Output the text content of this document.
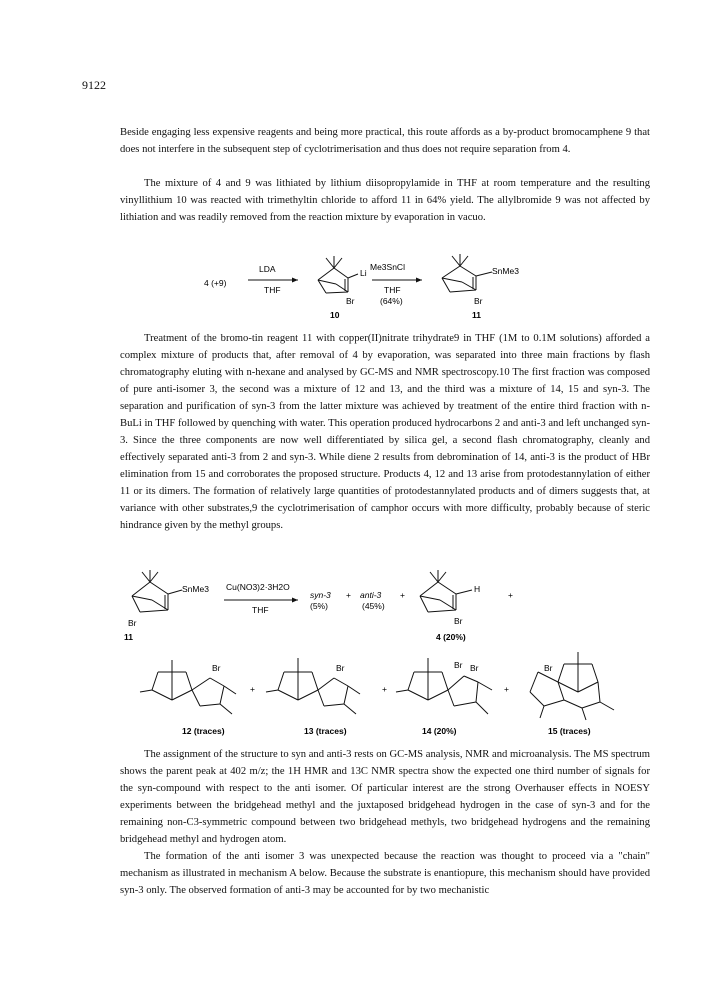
9122

Beside engaging less expensive reagents and being more practical, this route affords as a by-product bromocamphene 9 that does not interfere in the subsequent step of cyclotrimerisation and thus does not require separation from 4.

The mixture of 4 and 9 was lithiated by lithium diisopropylamide in THF at room temperature and the resulting vinyllithium 10 was reacted with trimethyltin chloride to afford 11 in 64% yield. The allylbromide 9 was not affected by lithiation and was readily removed from the reaction mixture by evaporation in vacuo.

4 (+9)
LDA
THF
Li
Br
10
Me3SnCl
THF
(64%)
SnMe3
Br
11

Treatment of the bromo-tin reagent 11 with copper(II)nitrate trihydrate9 in THF (1M to 0.1M solutions) afforded a complex mixture of products that, after removal of 4 by evaporation, was separated into three main fractions by flash chromatography eluting with n-hexane and analysed by GC-MS and NMR spectroscopy.10 The first fraction was composed of pure anti-isomer 3, the second was a mixture of 12 and 13, and the third was a mixture of 14, 15 and syn-3. The separation and purification of syn-3 from the latter mixture was achieved by treatment of the entire third fraction with n-BuLi in THF followed by quenching with water. This operation produced hydrocarbons 2 and anti-3 and left unchanged syn-3. Since the three components are now well differentiated by silica gel, a second flash chromatography, cleanly and effectively separated anti-3 from 2 and syn-3. While diene 2 results from debromination of 14, anti-3 is the product of HBr elimination from 15 and corroborates the proposed structure. Products 4, 12 and 13 arise from protodestannylation of either 11 or its dimers. The formation of relatively large quantities of protodestannylated products and of dimers suggests that, at variance with other substrates,9 the cyclotrimerisation of camphor occurs with more difficulty, probably because of steric hindrance given by the methyl groups.

SnMe3
Br
11
Cu(NO3)2·3H2O
THF
syn-3
(5%)
+ anti-3
(45%)
+
H
Br
4 (20%)
+
Br
+
Br
+
Br Br
+
Br
12 (traces)	13 (traces)	14 (20%)	15 (traces)

The assignment of the structure to syn and anti-3 rests on GC-MS analysis, NMR and microanalysis. The MS spectrum shows the parent peak at 402 m/z; the 1H HMR and 13C NMR spectra show the expected one third number of signals for the syn-compound with respect to the anti isomer. Of particular interest are the strong Overhauser effects in NOESY experiments between the bridgehead methyl and the juxtaposed bridgehead hydrogen in the case of syn-3 and for the remaining non-C3-symmetric compound between two bridgehead methyls, two bridgehead hydrogens and the remaining bridgehead methyl and hydrogen atom.

The formation of the anti isomer 3 was unexpected because the reaction was thought to proceed via a "chain" mechanism as illustrated in mechanism A below. Because the substrate is enantiopure, this mechanism should have provided syn-3 only. The observed formation of anti-3 may be accounted for by two mechanistic
